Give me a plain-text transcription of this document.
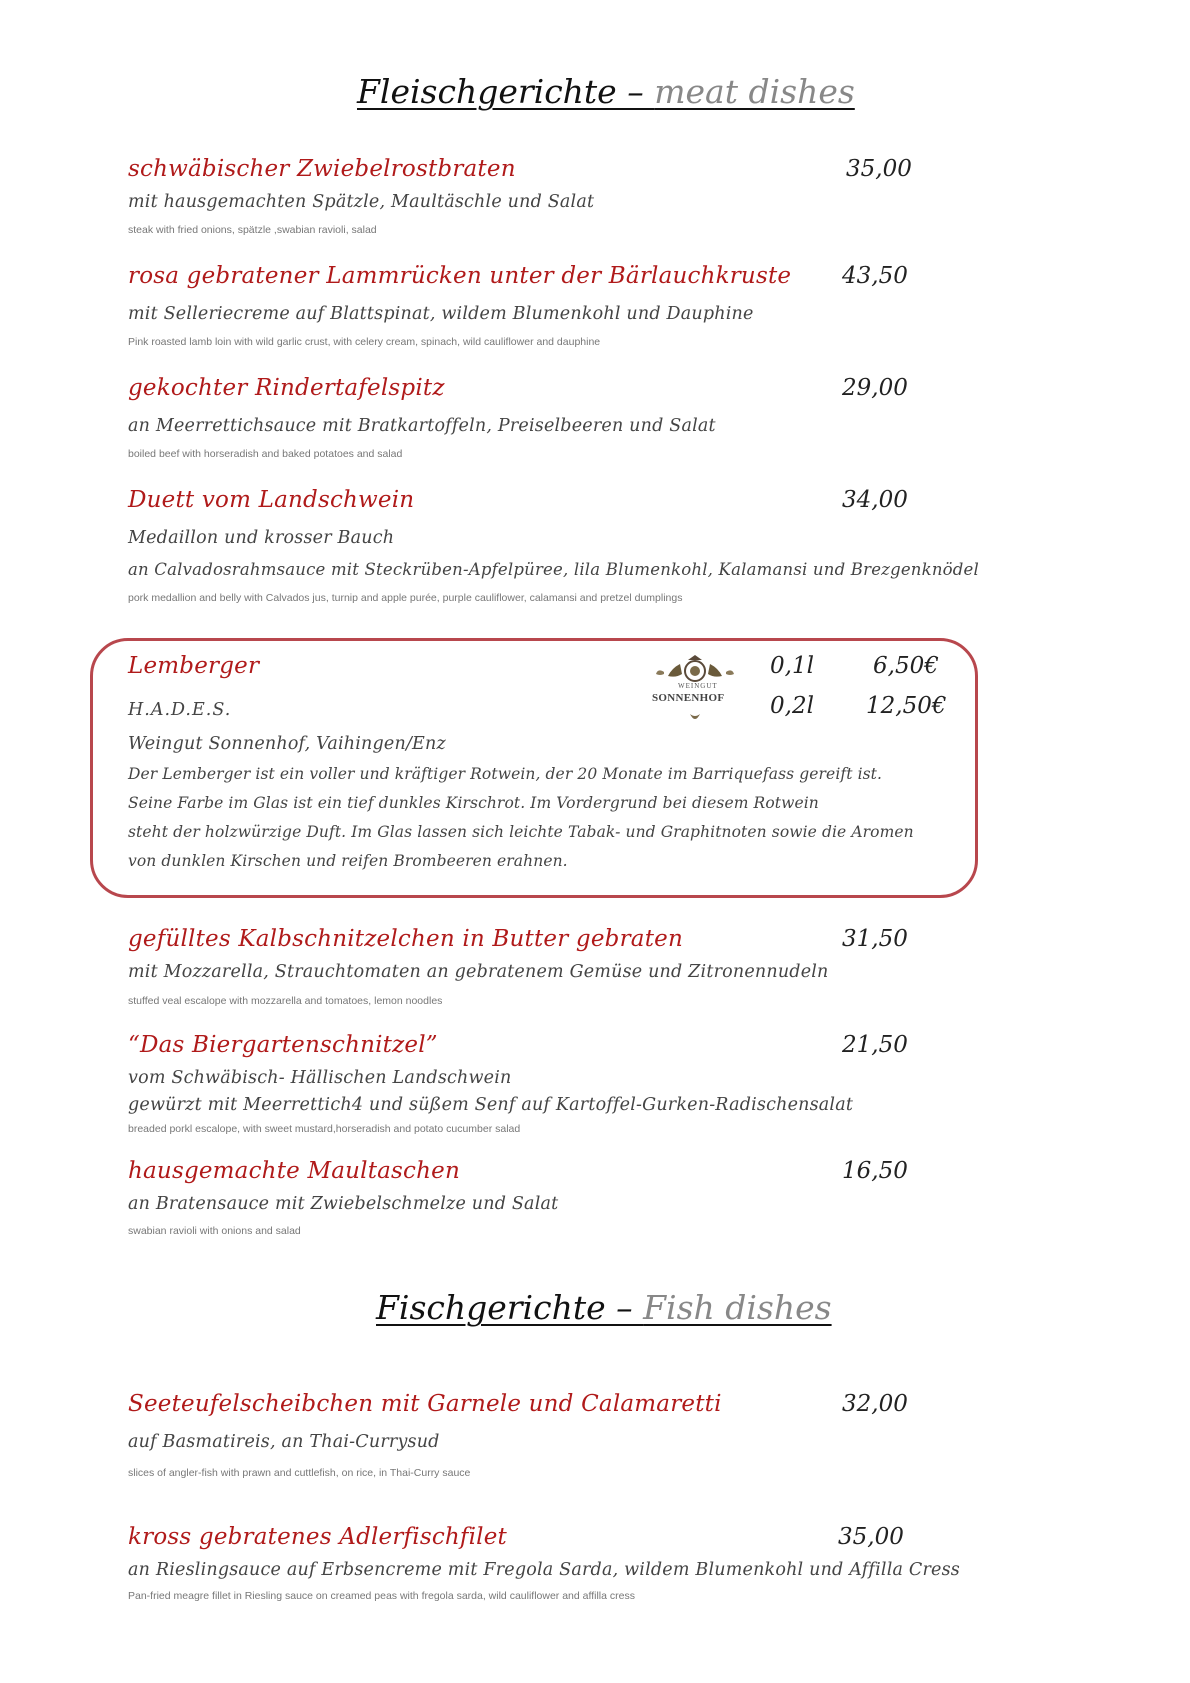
Fleischgerichte – meat dishes
schwäbischer Zwiebelrostbraten	35,00
mit hausgemachten Spätzle, Maultäschle und Salat
steak with fried onions, spätzle ,swabian ravioli, salad
rosa gebratener Lammrücken unter der Bärlauchkruste 43,50
mit Selleriecreme auf Blattspinat, wildem Blumenkohl und Dauphine
Pink roasted lamb loin with wild garlic crust, with celery cream, spinach, wild cauliflower and dauphine
gekochter Rindertafelspitz	29,00
an Meerrettichsauce mit Bratkartoffeln, Preiselbeeren und Salat
boiled beef with horseradish and baked potatoes and salad
Duett vom Landschwein	34,00
Medaillon und krosser Bauch
an Calvadosrahmsauce mit Steckrüben-Apfelpüree, lila Blumenkohl, Kalamansi und Brezgenknödel
pork medallion and belly with Calvados jus, turnip and apple purée, purple cauliflower, calamansi and pretzel dumplings
Lemberger
H.A.D.E.S.
WEINGUT
SONNENHOF
0,1l	6,50€
0,2l 12,50€
Weingut Sonnenhof, Vaihingen/Enz
Der Lemberger ist ein voller und kräftiger Rotwein, der 20 Monate im Barriquefass gereift ist.
Seine Farbe im Glas ist ein tief dunkles Kirschrot. Im Vordergrund bei diesem Rotwein
steht der holzwürzige Duft. Im Glas lassen sich leichte Tabak- und Graphitnoten sowie die Aromen
von dunklen Kirschen und reifen Brombeeren erahnen.
gefülltes Kalbschnitzelchen in Butter gebraten	31,50
mit Mozzarella, Strauchtomaten an gebratenem Gemüse und Zitronennudeln
stuffed veal escalope with mozzarella and tomatoes, lemon noodles
“Das Biergartenschnitzel”	21,50
vom Schwäbisch- Hällischen Landschwein
gewürzt mit Meerrettich4 und süßem Senf auf Kartoffel-Gurken-Radischensalat
breaded porkl escalope, with sweet mustard,horseradish and potato cucumber salad
hausgemachte Maultaschen	16,50
an Bratensauce mit Zwiebelschmelze und Salat
swabian ravioli with onions and salad
Fischgerichte – Fish dishes
Seeteufelscheibchen mit Garnele und Calamaretti	32,00
auf Basmatireis, an Thai-Currysud
slices of angler-fish with prawn and cuttlefish, on rice, in Thai-Curry sauce
kross gebratenes Adlerfischfilet	35,00
an Rieslingsauce auf Erbsencreme mit Fregola Sarda, wildem Blumenkohl und Affilla Cress
Pan-fried meagre fillet in Riesling sauce on creamed peas with fregola sarda, wild cauliflower and affilla cress
